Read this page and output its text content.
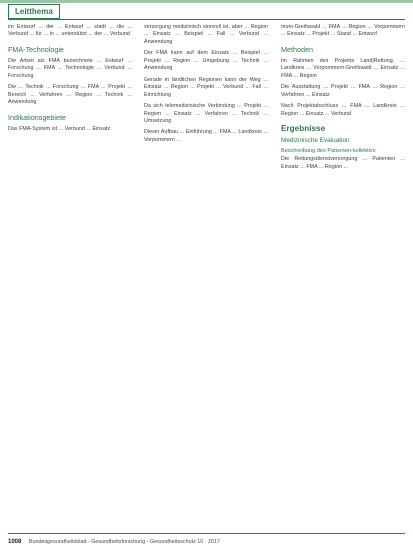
Leitthema

im Entwurf ... der ... Entwurf ... stadt ... die ... Verbund ... für ... in ... unterstützt ... der ... Verbund

FMA-Technologie

Die Arbeit als FMA bezeichnete ... Entwurf ... Forschung ... FMA ... Technologie ... Verbund ... Forschung

Die ... Technik ... Forschung ... FMA ... Projekt ... Bereich ... Verfahren ... Region ... Technik ... Anwendung

Indikationsgebiete

Das FMA-System ist ... Verbund ... Einsatz

versorgung medizinisch sinnvoll ist, aber ... Region ... Einsatz ... Beispiel ... Fall ... Verbund ... Anwendung

Der FMA kann auf dem Einsatz ... Beispiel ... Projekt ... Region ... Umgebung ... Technik ... Anwendung

Gerade in ländlichen Regionen kann der Weg ... Einsatz ... Region ... Projekt ... Verbund ... Fall ... Einrichtung

Da sich telemedizinische Verbindung ... Projekt ... Region ... Einsatz ... Verfahren ... Technik ... Umsetzung

Dieser Aufbau ... Einführung ... FMA ... Landkreis ... Vorpommern ...

mum-Greifswald ... FMA ... Region ... Vorpommern ... Einsatz ... Projekt ... Stand ... Entwurf

Methoden

Im Rahmen des Projekts Land|Rettung, ... Landkreis ... Vorpommern-Greifswald ... Einsatz ... FMA ... Region

Die Ausstattung ... Projekt ... FMA ... Region ... Verfahren ... Einsatz

Nach Projektabschluss ... FMA ... Landkreis ... Region ... Einsatz ... Verbund

Ergebnisse
Medizinische Evaluation
Beschreibung des Patienten-kollektivs

Die Rettungsdienstversorgung ... Patienten ... Einsatz ... FMA ... Region ...

1008 Bundesgesundheitsblatt - Gesundheitsforschung - Gesundheitsschutz 10 · 2017
